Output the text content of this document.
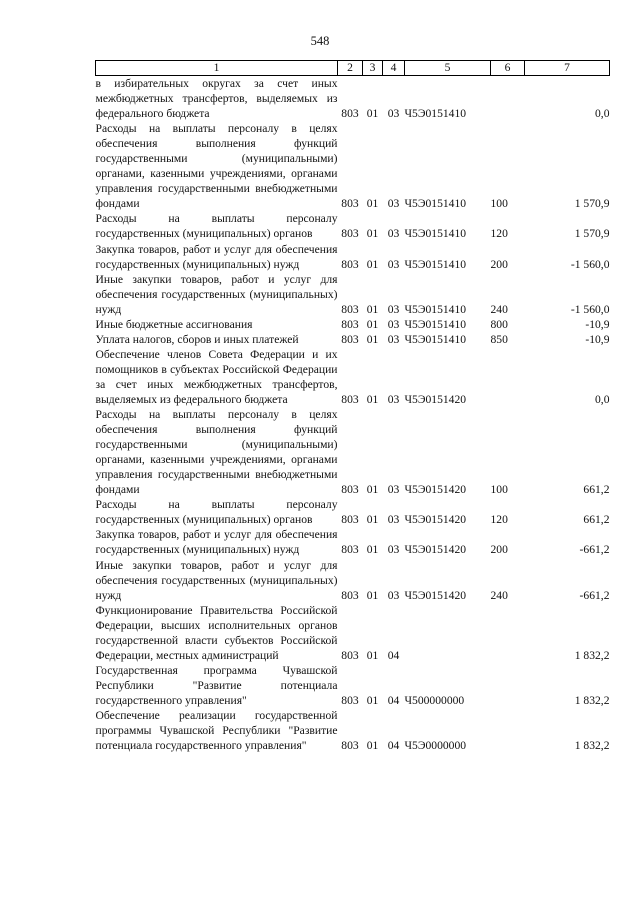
548
1	2	3	4	5	6	7
в избирательных округах за счет иных межбюджетных трансфертов, выделяемых из федерального бюджета	803	01	03	Ч5Э0151410		0,0
Расходы на выплаты персоналу в целях обеспечения выполнения функций государственными (муниципальными) органами, казенными учреждениями, органами управления государственными внебюджетными фондами	803	01	03	Ч5Э0151410	100	1 570,9
Расходы на выплаты персоналу государственных (муниципальных) органов	803	01	03	Ч5Э0151410	120	1 570,9
Закупка товаров, работ и услуг для обеспечения государственных (муниципальных) нужд	803	01	03	Ч5Э0151410	200	-1 560,0
Иные закупки товаров, работ и услуг для обеспечения государственных (муниципальных) нужд	803	01	03	Ч5Э0151410	240	-1 560,0
Иные бюджетные ассигнования	803	01	03	Ч5Э0151410	800	-10,9
Уплата налогов, сборов и иных платежей	803	01	03	Ч5Э0151410	850	-10,9
Обеспечение членов Совета Федерации и их помощников в субъектах Российской Федерации за счет иных межбюджетных трансфертов, выделяемых из федерального бюджета	803	01	03	Ч5Э0151420		0,0
Расходы на выплаты персоналу в целях обеспечения выполнения функций государственными (муниципальными) органами, казенными учреждениями, органами управления государственными внебюджетными фондами	803	01	03	Ч5Э0151420	100	661,2
Расходы на выплаты персоналу государственных (муниципальных) органов	803	01	03	Ч5Э0151420	120	661,2
Закупка товаров, работ и услуг для обеспечения государственных (муниципальных) нужд	803	01	03	Ч5Э0151420	200	-661,2
Иные закупки товаров, работ и услуг для обеспечения государственных (муниципальных) нужд	803	01	03	Ч5Э0151420	240	-661,2
Функционирование Правительства Российской Федерации, высших исполнительных органов государственной власти субъектов Российской Федерации, местных администраций	803	01	04			1 832,2
Государственная программа Чувашской Республики "Развитие потенциала государственного управления"	803	01	04	Ч500000000		1 832,2
Обеспечение реализации государственной программы Чувашской Республики "Развитие потенциала государственного управления"	803	01	04	Ч5Э0000000		1 832,2
